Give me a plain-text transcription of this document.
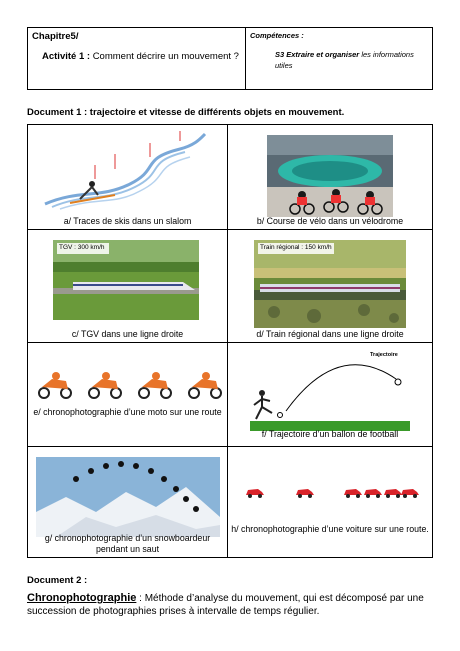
Chapitre5/
Activité 1 : Comment décrire un mouvement ?
Compétences :
S3 Extraire et organiser les informations utiles
Document 1 : trajectoire et vitesse de différents objets en mouvement.
a/ Traces de skis dans un slalom	b/ Course de vélo dans un vélodrome
TGV : 300 km/h
c/ TGV dans une ligne droite
Train régional : 150 km/h
d/ Train régional dans une ligne droite
e/ chronophotographie d’une moto sur une route
Trajectoire
f/ Trajectoire d’un ballon de football
g/ chronophotographie d’un snowboardeur pendant un saut
h/ chronophotographie d’une voiture sur une route.
Document 2 :
Chronophotographie : Méthode d’analyse du mouvement, qui est décomposé par une succession de photographies prises à intervalle de temps régulier.
